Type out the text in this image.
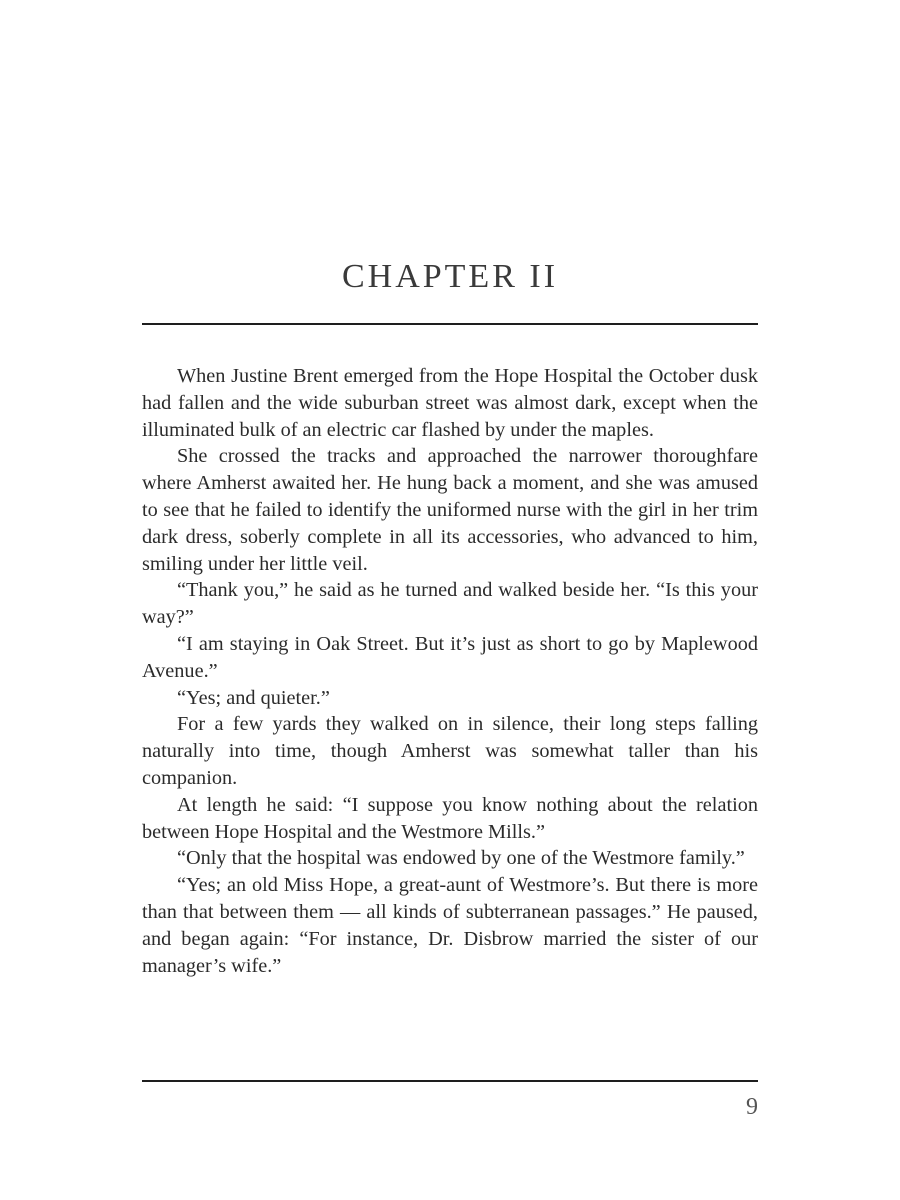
CHAPTER II

When Justine Brent emerged from the Hope Hospital the October dusk had fallen and the wide suburban street was almost dark, except when the illuminated bulk of an electric car flashed by under the maples.

She crossed the tracks and approached the narrower thoroughfare where Amherst awaited her. He hung back a moment, and she was amused to see that he failed to identify the uniformed nurse with the girl in her trim dark dress, soberly complete in all its accessories, who advanced to him, smiling under her little veil.

“Thank you,” he said as he turned and walked beside her. “Is this your way?”

“I am staying in Oak Street. But it’s just as short to go by Maplewood Avenue.”

“Yes; and quieter.”

For a few yards they walked on in silence, their long steps falling naturally into time, though Amherst was somewhat taller than his companion.

At length he said: “I suppose you know nothing about the relation between Hope Hospital and the Westmore Mills.”

“Only that the hospital was endowed by one of the Westmore family.”

“Yes; an old Miss Hope, a great-aunt of Westmore’s. But there is more than that between them — all kinds of subterranean passages.” He paused, and began again: “For instance, Dr. Disbrow married the sister of our manager’s wife.”

9
